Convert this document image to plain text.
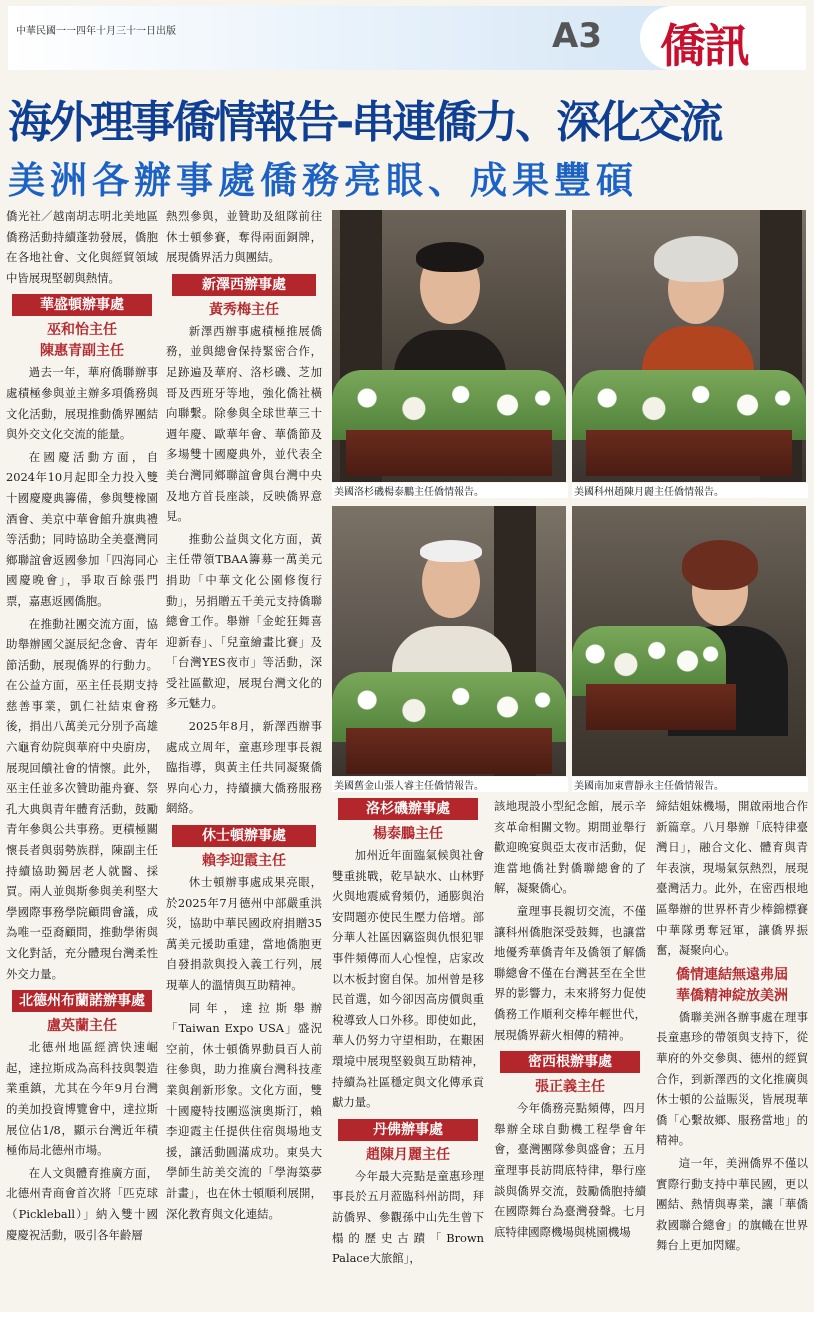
中華民國一一四年十月三十一日出版	A3	僑訊
海外理事僑情報告-串連僑力、深化交流
美洲各辦事處僑務亮眼、成果豐碩

僑光社／越南胡志明北美地區僑務活動持續蓬勃發展，僑胞在各地社會、文化與經貿領域中皆展現堅韌與熱情。

華盛頓辦事處
巫和怡主任
陳惠青副主任

過去一年，華府僑聯辦事處積極參與並主辦多項僑務與文化活動，展現推動僑界團結與外交文化交流的能量。

在國慶活動方面，自2024年10月起即全力投入雙十國慶慶典籌備，參與雙橡園酒會、美京中華會館升旗典禮等活動；同時協助全美臺灣同鄉聯誼會返國參加「四海同心國慶晚會」，爭取百餘張門票，嘉惠返國僑胞。

在推動社團交流方面，協助舉辦國父誕辰紀念會、青年節活動，展現僑界的行動力。在公益方面，巫主任長期支持慈善事業，凱仁社結束會務後，捐出八萬美元分別予高雄六龜育幼院與華府中央廚房，展現回饋社會的情懷。此外，巫主任並多次贊助龍舟賽、祭孔大典與青年體育活動，鼓勵青年參與公共事務。更積極關懷長者與弱勢族群，陳副主任持續協助獨居老人就醫、採買。兩人並與斯參與美利堅大學國際事務學院顧問會議，成為唯一亞裔顧問，推動學術與文化對話，充分體現台灣柔性外交力量。

北德州布蘭諾辦事處
盧英蘭主任

北德州地區經濟快速崛起，達拉斯成為高科技與製造業重鎮，尤其在今年9月台灣的美加投資博覽會中，達拉斯展位佔1/8，顯示台灣近年積極佈局北德州市場。

在人文與體育推廣方面，北德州青商會首次將「匹克球（Pickleball）」納入雙十國慶慶祝活動，吸引各年齡層

熱烈參與，並贊助及組隊前往休士頓參賽，奪得兩面銅牌，展現僑界活力與團結。

新澤西辦事處
黃秀梅主任

新澤西辦事處積極推展僑務，並與總會保持緊密合作，足跡遍及華府、洛杉磯、芝加哥及西班牙等地，強化僑社橫向聯繫。除參與全球世華三十週年慶、歐華年會、華僑節及多場雙十國慶典外，並代表全美台灣同鄉聯誼會與台灣中央及地方首長座談，反映僑界意見。

推動公益與文化方面，黃主任帶領TBAA籌募一萬美元捐助「中華文化公園修復行動」，另捐贈五千美元支持僑聯總會工作。舉辦「金蛇狂舞喜迎新春」、「兒童繪畫比賽」及「台灣YES夜市」等活動，深受社區歡迎，展現台灣文化的多元魅力。

2025年8月，新澤西辦事處成立周年，童惠珍理事長親臨指導，與黃主任共同凝聚僑界向心力，持續擴大僑務服務網絡。

休士頓辦事處
賴李迎霞主任

休士頓辦事處成果亮眼，於2025年7月德州中部嚴重洪災，協助中華民國政府捐贈35萬美元援助重建，當地僑胞更自發捐款與投入義工行列，展現華人的溫情與互助精神。

同年，達拉斯舉辦「Taiwan Expo USA」盛況空前，休士頓僑界動員百人前往參與，助力推廣台灣科技產業與創新形象。文化方面，雙十國慶特技團巡演奧斯汀，賴李迎霞主任提供住宿與場地支援，讓活動圓滿成功。東吳大學師生訪美交流的「學海築夢計畫」，也在休士頓順利展開，深化教育與文化連結。

美國洛杉磯楊泰鵬主任僑情報告。	美國科州趙陳月麗主任僑情報告。
美國舊金山張人睿主任僑情報告。	美國南加東曹靜永主任僑情報告。
洛杉磯辦事處
楊泰鵬主任

加州近年面臨氣候與社會雙重挑戰，乾旱缺水、山林野火與地震威脅頻仍，通膨與治安問題亦使民生壓力倍增。部分華人社區因竊盜與仇恨犯罪事件頻傳而人心惶惶，店家改以木板封窗自保。加州曾是移民首選，如今卻因高房價與重稅導致人口外移。即使如此，華人仍努力守望相助，在艱困環境中展現堅毅與互助精神，持續為社區穩定與文化傳承貢獻力量。

丹佛辦事處
趙陳月麗主任

今年最大亮點是童惠珍理事長於五月蒞臨科州訪問，拜訪僑界、參觀孫中山先生曾下榻的歷史古蹟「Brown Palace大旅館」，

該地現設小型紀念館，展示辛亥革命相關文物。期間並舉行歡迎晚宴與亞太夜市活動，促進當地僑社對僑聯總會的了解，凝聚僑心。

童理事長親切交流，不僅讓科州僑胞深受鼓舞，也讓當地優秀華僑青年及僑領了解僑聯總會不僅在台灣甚至在全世界的影響力，未來將努力促使僑務工作順利交棒年輕世代，展現僑界薪火相傳的精神。

密西根辦事處
張正義主任

今年僑務亮點頻傳，四月舉辦全球自動機工程學會年會，臺灣團隊參與盛會；五月童理事長訪問底特律，舉行座談與僑界交流，鼓勵僑胞持續在國際舞台為臺灣發聲。七月底特律國際機場與桃園機場

締結姐妹機場，開啟兩地合作新篇章。八月舉辦「底特律臺灣日」，融合文化、體育與青年表演，現場氣氛熱烈，展現臺灣活力。此外，在密西根地區舉辦的世界杯青少棒錦標賽中華隊勇奪冠軍，讓僑界振奮，凝聚向心。

僑情連結無遠弗屆
華僑精神綻放美洲

僑聯美洲各辦事處在理事長童惠珍的帶領與支持下，從華府的外交參與、德州的經貿合作，到新澤西的文化推廣與休士頓的公益賑災，皆展現華僑「心繫故鄉、服務當地」的精神。

這一年，美洲僑界不僅以實際行動支持中華民國，更以團結、熱情與專業，讓「華僑救國聯合總會」的旗幟在世界舞台上更加閃耀。
